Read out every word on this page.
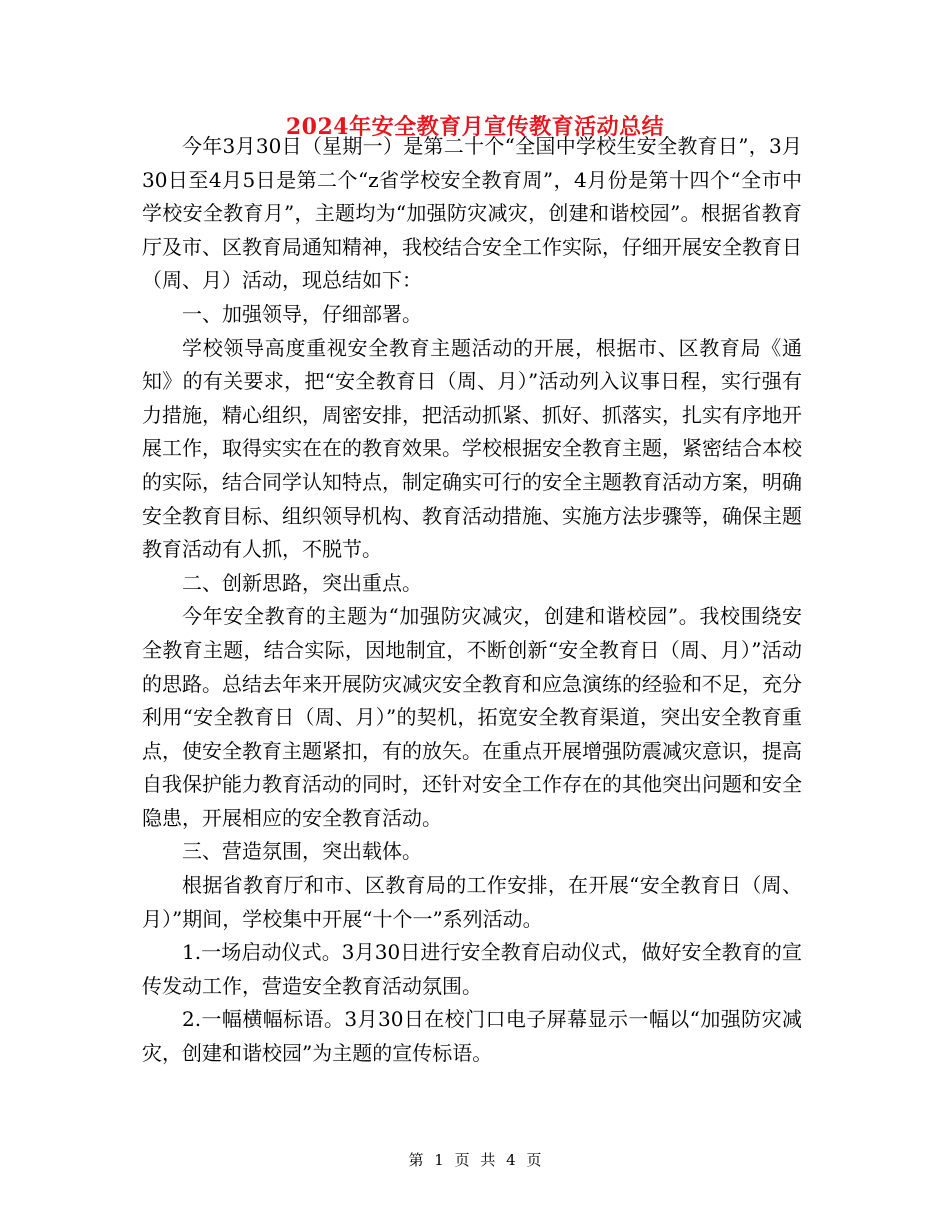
2024年安全教育月宣传教育活动总结

今年3月30日（星期一）是第二十个“全国中学校生安全教育日”，3月30日至4月5日是第二个“z省学校安全教育周”，4月份是第十四个“全市中学校安全教育月”，主题均为“加强防灾减灾，创建和谐校园”。根据省教育厅及市、区教育局通知精神，我校结合安全工作实际，仔细开展安全教育日（周、月）活动，现总结如下：

一、加强领导，仔细部署。

学校领导高度重视安全教育主题活动的开展，根据市、区教育局《通知》的有关要求，把“安全教育日（周、月）”活动列入议事日程，实行强有力措施，精心组织，周密安排，把活动抓紧、抓好、抓落实，扎实有序地开展工作，取得实实在在的教育效果。学校根据安全教育主题，紧密结合本校的实际，结合同学认知特点，制定确实可行的安全主题教育活动方案，明确安全教育目标、组织领导机构、教育活动措施、实施方法步骤等，确保主题教育活动有人抓，不脱节。

二、创新思路，突出重点。

今年安全教育的主题为“加强防灾减灾，创建和谐校园”。我校围绕安全教育主题，结合实际，因地制宜，不断创新“安全教育日（周、月）”活动的思路。总结去年来开展防灾减灾安全教育和应急演练的经验和不足，充分利用“安全教育日（周、月）”的契机，拓宽安全教育渠道，突出安全教育重点，使安全教育主题紧扣，有的放矢。在重点开展增强防震减灾意识，提高自我保护能力教育活动的同时，还针对安全工作存在的其他突出问题和安全隐患，开展相应的安全教育活动。

三、营造氛围，突出载体。

根据省教育厅和市、区教育局的工作安排，在开展“安全教育日（周、月）”期间，学校集中开展“十个一”系列活动。

1.一场启动仪式。3月30日进行安全教育启动仪式，做好安全教育的宣传发动工作，营造安全教育活动氛围。

2.一幅横幅标语。3月30日在校门口电子屏幕显示一幅以“加强防灾减灾，创建和谐校园”为主题的宣传标语。

第 1 页 共 4 页
